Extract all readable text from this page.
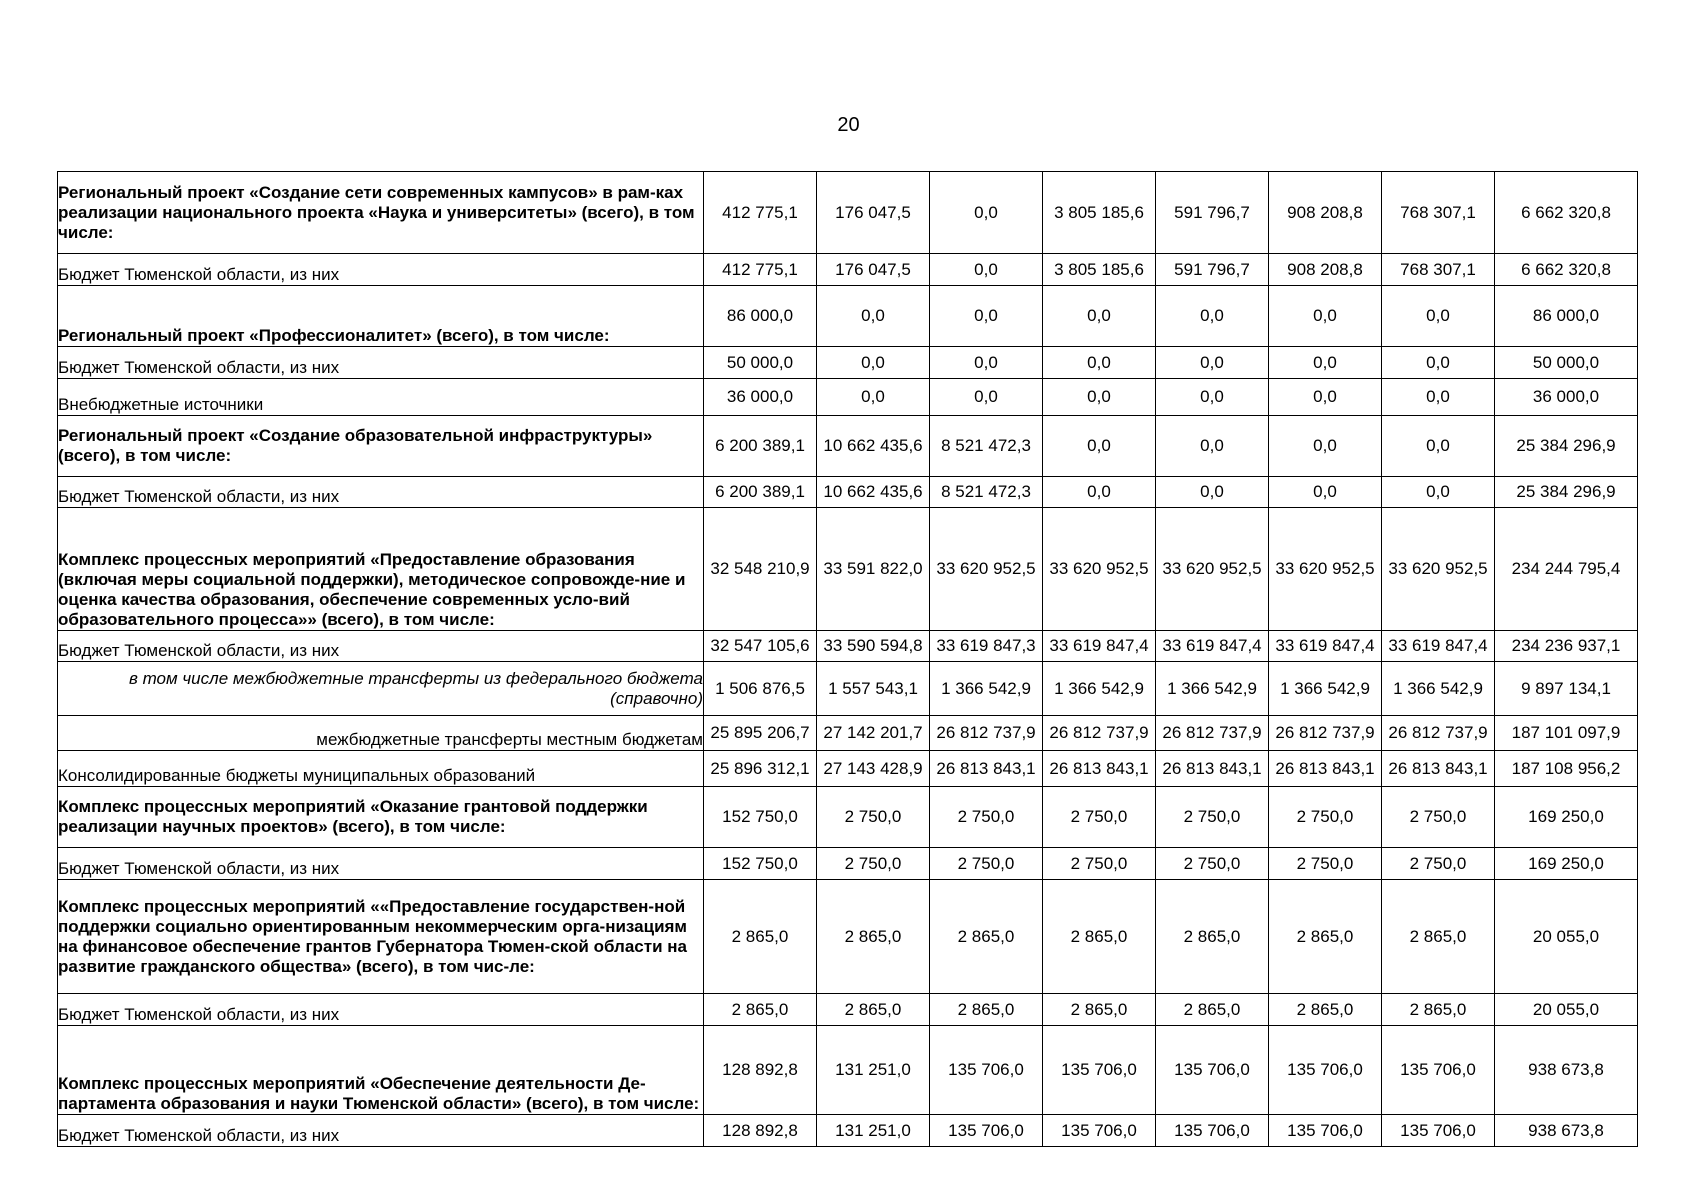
20
Региональный проект «Создание сети современных кампусов» в рам-ках реализации национального проекта «Наука и университеты» (всего), в том числе:	412 775,1	176 047,5	0,0	3 805 185,6	591 796,7	908 208,8	768 307,1	6 662 320,8
Бюджет Тюменской области, из них	412 775,1	176 047,5	0,0	3 805 185,6	591 796,7	908 208,8	768 307,1	6 662 320,8
Региональный проект «Профессионалитет» (всего), в том числе:	86 000,0	0,0	0,0	0,0	0,0	0,0	0,0	86 000,0
Бюджет Тюменской области, из них	50 000,0	0,0	0,0	0,0	0,0	0,0	0,0	50 000,0
Внебюджетные источники	36 000,0	0,0	0,0	0,0	0,0	0,0	0,0	36 000,0
Региональный проект «Создание образовательной инфраструктуры» (всего), в том числе:	6 200 389,1	10 662 435,6	8 521 472,3	0,0	0,0	0,0	0,0	25 384 296,9
Бюджет Тюменской области, из них	6 200 389,1	10 662 435,6	8 521 472,3	0,0	0,0	0,0	0,0	25 384 296,9
Комплекс процессных мероприятий «Предоставление образования (включая меры социальной поддержки), методическое сопровожде-ние и оценка качества образования, обеспечение современных усло-вий образовательного процесса»» (всего), в том числе:	32 548 210,9	33 591 822,0	33 620 952,5	33 620 952,5	33 620 952,5	33 620 952,5	33 620 952,5	234 244 795,4
Бюджет Тюменской области, из них	32 547 105,6	33 590 594,8	33 619 847,3	33 619 847,4	33 619 847,4	33 619 847,4	33 619 847,4	234 236 937,1
в том числе межбюджетные трансферты из федерального бюджета (справочно)	1 506 876,5	1 557 543,1	1 366 542,9	1 366 542,9	1 366 542,9	1 366 542,9	1 366 542,9	9 897 134,1
межбюджетные трансферты местным бюджетам	25 895 206,7	27 142 201,7	26 812 737,9	26 812 737,9	26 812 737,9	26 812 737,9	26 812 737,9	187 101 097,9
Консолидированные бюджеты муниципальных образований	25 896 312,1	27 143 428,9	26 813 843,1	26 813 843,1	26 813 843,1	26 813 843,1	26 813 843,1	187 108 956,2
Комплекс процессных мероприятий «Оказание грантовой поддержки реализации научных проектов» (всего), в том числе:	152 750,0	2 750,0	2 750,0	2 750,0	2 750,0	2 750,0	2 750,0	169 250,0
Бюджет Тюменской области, из них	152 750,0	2 750,0	2 750,0	2 750,0	2 750,0	2 750,0	2 750,0	169 250,0
Комплекс процессных мероприятий ««Предоставление государствен-ной поддержки социально ориентированным некоммерческим орга-низациям на финансовое обеспечение грантов Губернатора Тюмен-ской области на развитие гражданского общества» (всего), в том чис-ле:	2 865,0	2 865,0	2 865,0	2 865,0	2 865,0	2 865,0	2 865,0	20 055,0
Бюджет Тюменской области, из них	2 865,0	2 865,0	2 865,0	2 865,0	2 865,0	2 865,0	2 865,0	20 055,0
Комплекс процессных мероприятий «Обеспечение деятельности Де-партамента образования и науки Тюменской области» (всего), в том числе:	128 892,8	131 251,0	135 706,0	135 706,0	135 706,0	135 706,0	135 706,0	938 673,8
Бюджет Тюменской области, из них	128 892,8	131 251,0	135 706,0	135 706,0	135 706,0	135 706,0	135 706,0	938 673,8
